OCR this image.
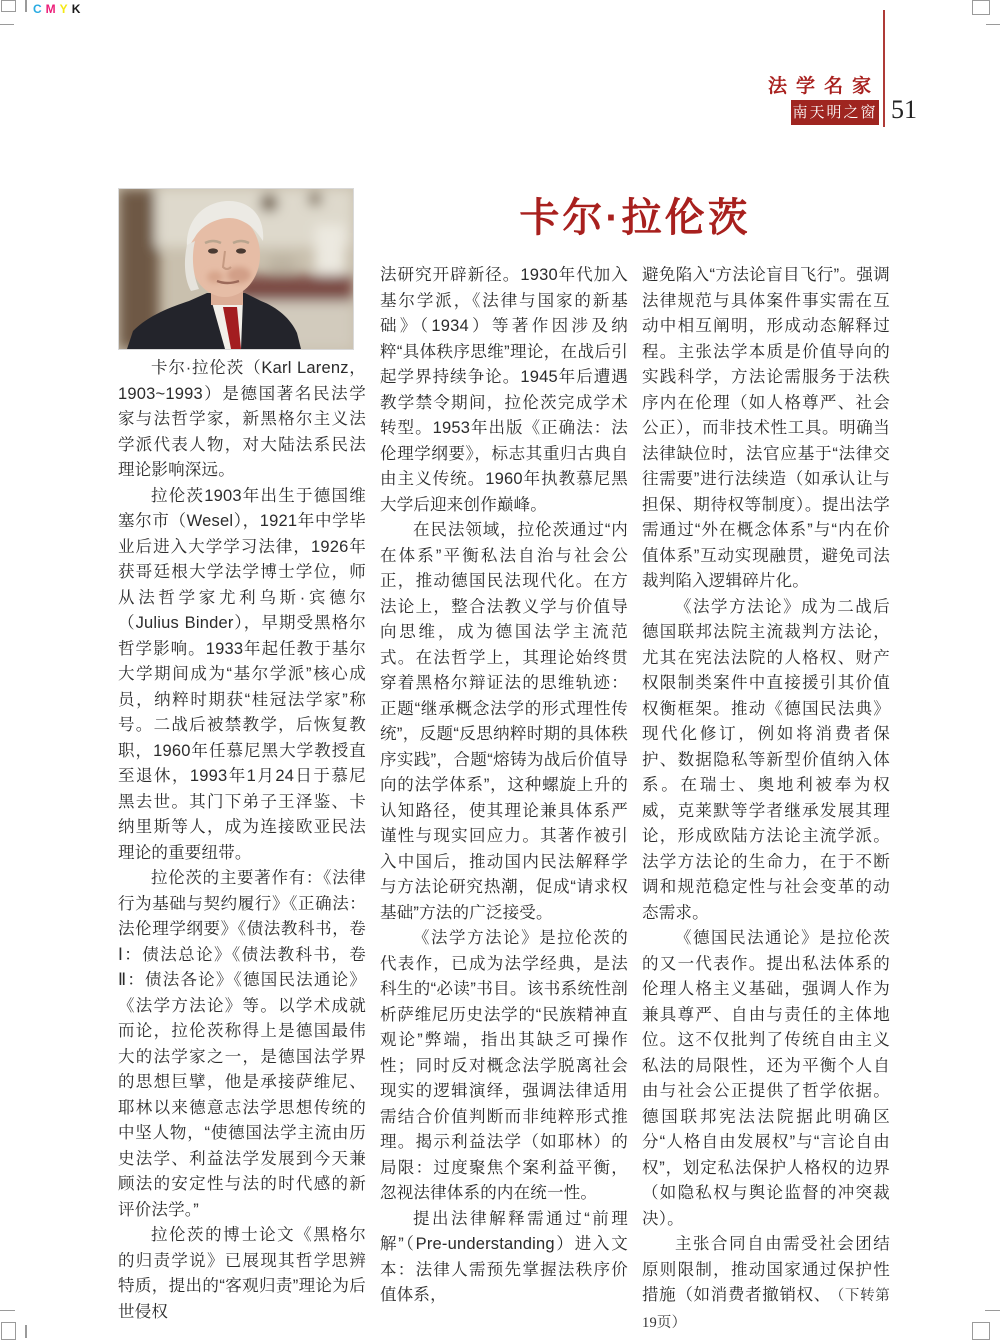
C M Y K
法学名家
南天明之窗 51
卡尔·拉伦茨

卡尔·拉伦茨（Karl Larenz，1903~1993）是德国著名民法学家与法哲学家，新黑格尔主义法学派代表人物，对大陆法系民法理论影响深远。

拉伦茨1903年出生于德国维塞尔市（Wesel），1921年中学毕业后进入大学学习法律，1926年获哥廷根大学法学博士学位，师从法哲学家尤利乌斯·宾德尔（Julius Binder），早期受黑格尔哲学影响。1933年起任教于基尔大学期间成为“基尔学派”核心成员，纳粹时期获“桂冠法学家”称号。二战后被禁教学，后恢复教职，1960年任慕尼黑大学教授直至退休，1993年1月24日于慕尼黑去世。其门下弟子王泽鉴、卡纳里斯等人，成为连接欧亚民法理论的重要纽带。

拉伦茨的主要著作有：《法律行为基础与契约履行》《正确法：法伦理学纲要》《债法教科书，卷Ⅰ：债法总论》《债法教科书，卷Ⅱ：债法各论》《德国民法通论》《法学方法论》等。以学术成就而论，拉伦茨称得上是德国最伟大的法学家之一，是德国法学界的思想巨擘，他是承接萨维尼、耶林以来德意志法学思想传统的中坚人物，“使德国法学主流由历史法学、利益法学发展到今天兼顾法的安定性与法的时代感的新评价法学。”

拉伦茨的博士论文《黑格尔的归责学说》已展现其哲学思辨特质，提出的“客观归责”理论为后世侵权

法研究开辟新径。1930年代加入基尔学派，《法律与国家的新基础》（1934）等著作因涉及纳粹“具体秩序思维”理论，在战后引起学界持续争论。1945年后遭遇教学禁令期间，拉伦茨完成学术转型。1953年出版《正确法：法伦理学纲要》，标志其重归古典自由主义传统。1960年执教慕尼黑大学后迎来创作巅峰。

在民法领域，拉伦茨通过“内在体系”平衡私法自治与社会公正，推动德国民法现代化。在方法论上，整合法教义学与价值导向思维，成为德国法学主流范式。在法哲学上，其理论始终贯穿着黑格尔辩证法的思维轨迹：正题“继承概念法学的形式理性传统”，反题“反思纳粹时期的具体秩序实践”，合题“熔铸为战后价值导向的法学体系”，这种螺旋上升的认知路径，使其理论兼具体系严谨性与现实回应力。其著作被引入中国后，推动国内民法解释学与方法论研究热潮，促成“请求权基础”方法的广泛接受。

《法学方法论》是拉伦茨的代表作，已成为法学经典，是法科生的“必读”书目。该书系统性剖析萨维尼历史法学的“民族精神直观论”弊端，指出其缺乏可操作性；同时反对概念法学脱离社会现实的逻辑演绎，强调法律适用需结合价值判断而非纯粹形式推理。揭示利益法学（如耶林）的局限：过度聚焦个案利益平衡，忽视法律体系的内在统一性。

提出法律解释需通过“前理解”（Pre-understanding）进入文本：法律人需预先掌握法秩序价值体系，

避免陷入“方法论盲目飞行”。强调法律规范与具体案件事实需在互动中相互阐明，形成动态解释过程。主张法学本质是价值导向的实践科学，方法论需服务于法秩序内在伦理（如人格尊严、社会公正），而非技术性工具。明确当法律缺位时，法官应基于“法律交往需要”进行法续造（如承认让与担保、期待权等制度）。提出法学需通过“外在概念体系”与“内在价值体系”互动实现融贯，避免司法裁判陷入逻辑碎片化。

《法学方法论》成为二战后德国联邦法院主流裁判方法论，尤其在宪法法院的人格权、财产权限制类案件中直接援引其价值权衡框架。推动《德国民法典》现代化修订，例如将消费者保护、数据隐私等新型价值纳入体系。在瑞士、奥地利被奉为权威，克莱默等学者继承发展其理论，形成欧陆方法论主流学派。法学方法论的生命力，在于不断调和规范稳定性与社会变革的动态需求。

《德国民法通论》是拉伦茨的又一代表作。提出私法体系的伦理人格主义基础，强调人作为兼具尊严、自由与责任的主体地位。这不仅批判了传统自由主义私法的局限性，还为平衡个人自由与社会公正提供了哲学依据。德国联邦宪法法院据此明确区分“人格自由发展权”与“言论自由权”，划定私法保护人格权的边界（如隐私权与舆论监督的冲突裁决）。

主张合同自由需受社会团结原则限制，推动国家通过保护性措施（如消费者撤销权、 （下转第19页）
